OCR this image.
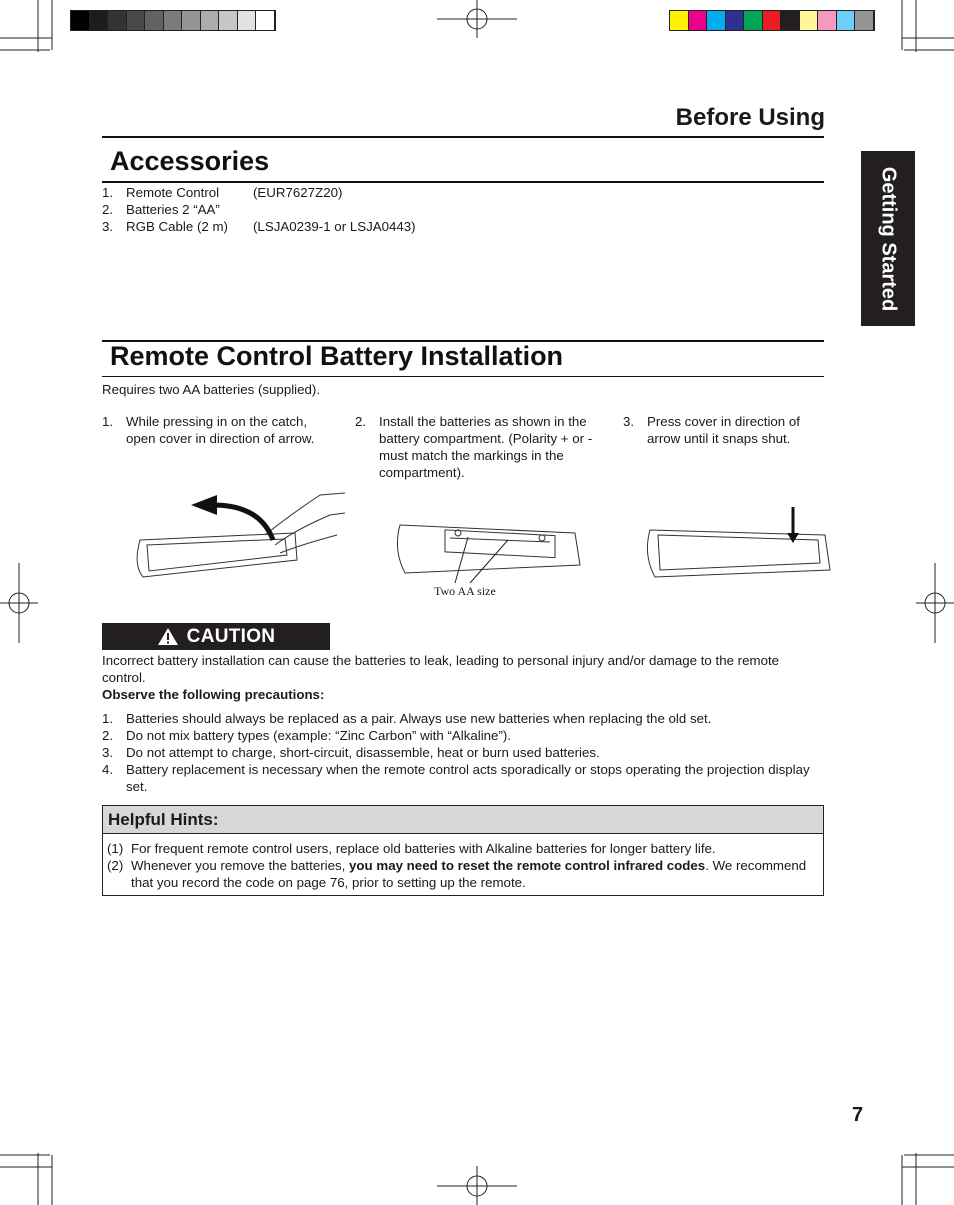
Getting Started
Before Using
Accessories
1. Remote Control	(EUR7627Z20)
2. Batteries 2 “AA”
3. RGB Cable (2 m)	(LSJA0239-1 or LSJA0443)
Remote Control Battery Installation
Requires two AA batteries (supplied).
1. While pressing in on the catch, open cover in direction of arrow.
2. Install the batteries as shown in the battery compartment. (Polarity + or - must match the markings in the compartment).
3. Press cover in direction of arrow until it snaps shut.
Two AA size
CAUTION
Incorrect battery installation can cause the batteries to leak, leading to personal injury and/or damage to the remote control.
Observe the following precautions:
1. Batteries should always be replaced as a pair. Always use new batteries when replacing the old set.
2. Do not mix battery types (example: “Zinc Carbon” with “Alkaline”).
3. Do not attempt to charge, short-circuit, disassemble, heat or burn used batteries.
4. Battery replacement is necessary when the remote control acts sporadically or stops operating the projection display set.
Helpful Hints:
(1) For frequent remote control users, replace old batteries with Alkaline batteries for longer battery life.
(2) Whenever you remove the batteries, you may need to reset the remote control infrared codes. We recommend that you record the code on page 76, prior to setting up the remote.
7
